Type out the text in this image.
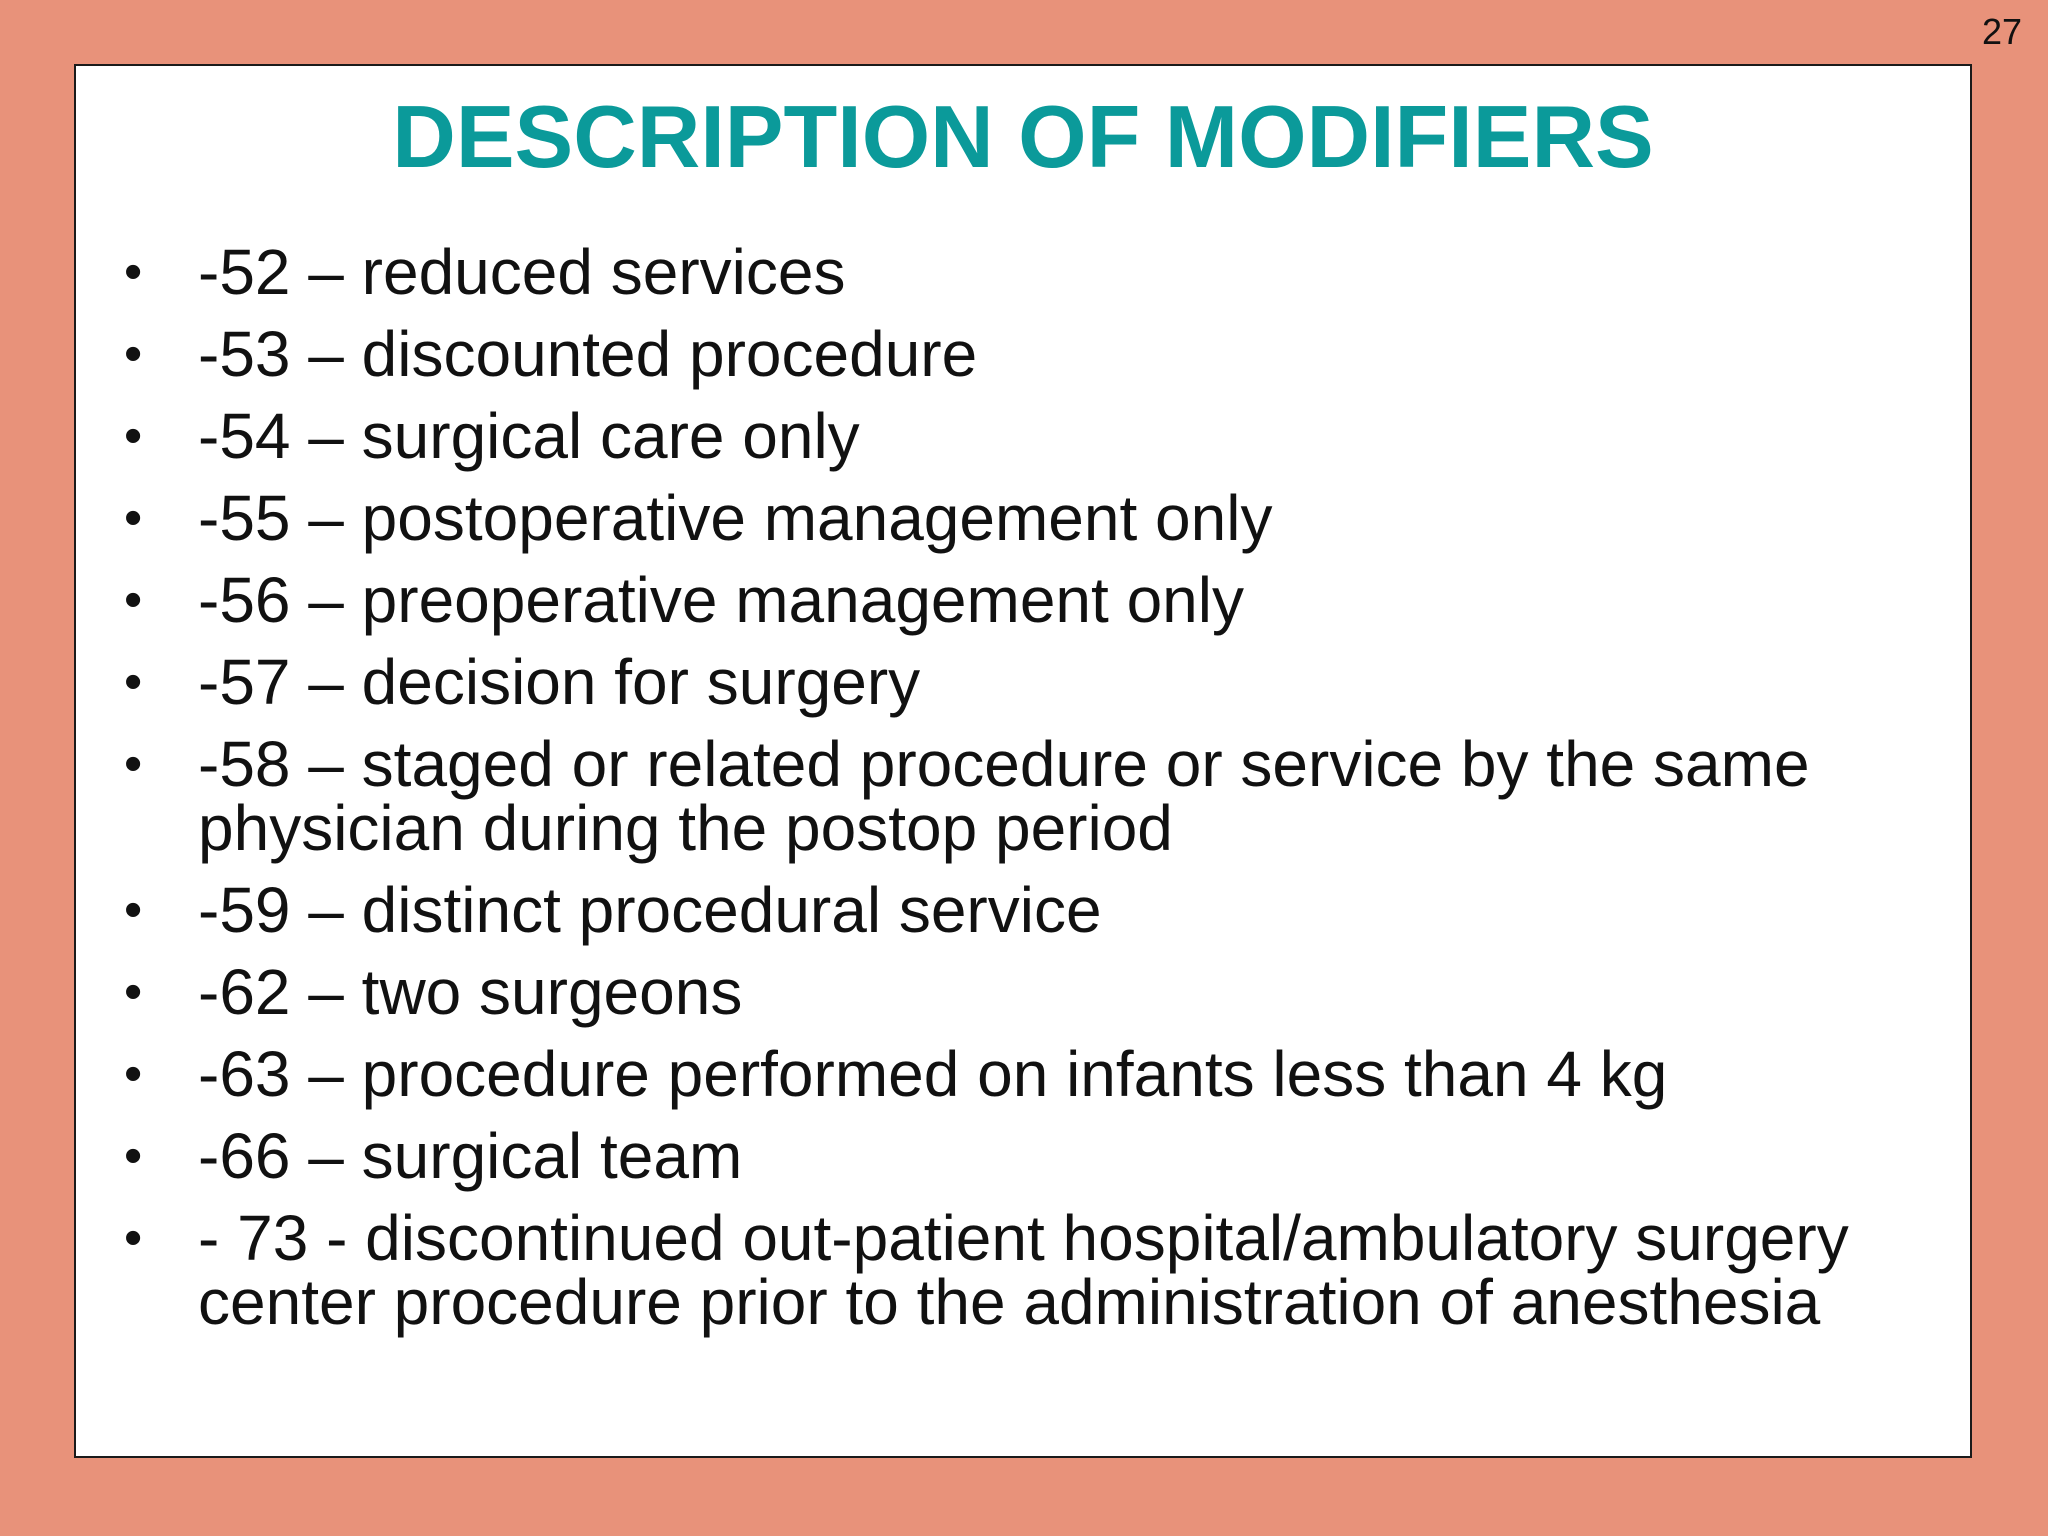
27
DESCRIPTION OF MODIFIERS
• -52 – reduced services
• -53 – discounted procedure
• -54 – surgical care only
• -55 – postoperative management only
• -56 – preoperative management only
• -57 – decision for surgery
• -58 – staged or related procedure or service by the same physician during the postop period
• -59 – distinct procedural service
• -62 – two surgeons
• -63 – procedure performed on infants less than 4 kg
• -66 – surgical team
• - 73 - discontinued out-patient hospital/ambulatory surgery center procedure prior to the administration of anesthesia
